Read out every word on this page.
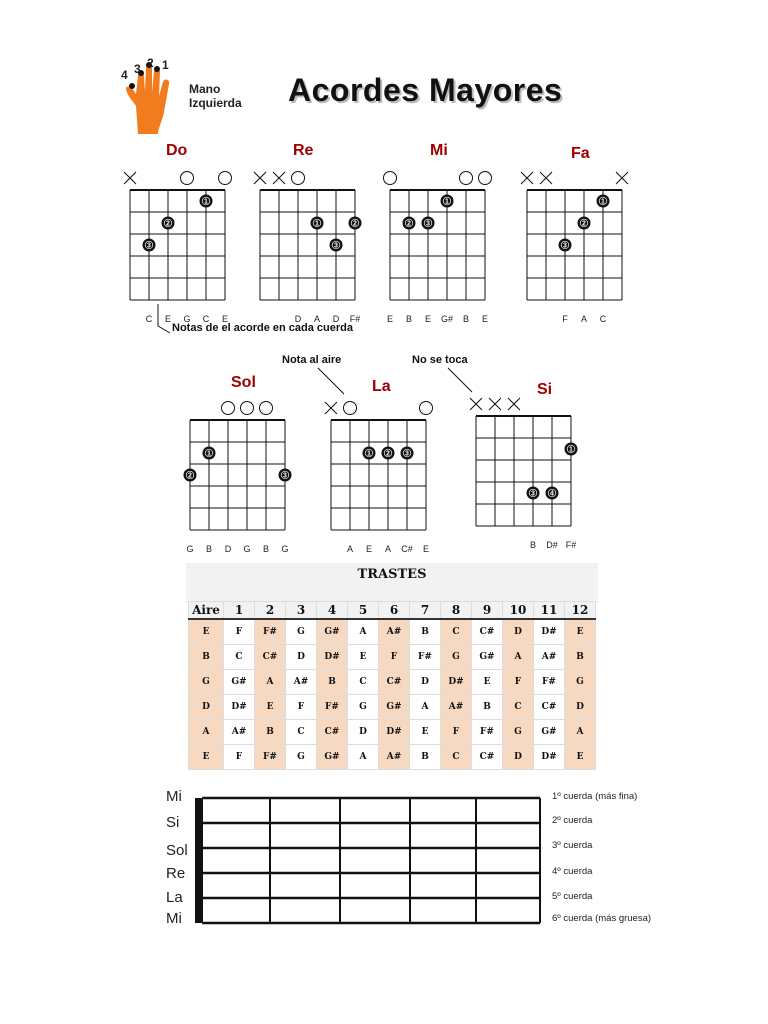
4 3 2 1
Mano
Izquierda Acordes Mayores
Do
1
2
3
C	E	G	C	E
Re
1	2
3
D	A	D	F#
Mi
1
2 3
E	B	E	G#	B	E
Fa
1
2
3
F	A	C
Sol
1
2	3
G	B	D	G	B	G
La
1 2 3
A	E	A	C#	E
Si
1
3 4
B	D# F#
Notas de el acorde en cada cuerda
Nota al aire	No se toca
TRASTES
Aire	1	2	3	4	5	6	7	8	9	10	11	12
E	F	F#	G	G#	A	A#	B	C	C#	D	D#	E
B	C	C#	D	D#	E	F	F#	G	G#	A	A#	B
G	G#	A	A#	B	C	C#	D	D#	E	F	F#	G
D	D#	E	F	F#	G	G#	A	A#	B	C	C#	D
A	A#	B	C	C#	D	D#	E	F	F#	G	G#	A
E	F	F#	G	G#	A	A#	B	C	C#	D	D#	E
Mi
Si
Sol
Re
La
Mi
1º cuerda (más fina)
2º cuerda
3º cuerda
4º cuerda
5º cuerda
6º cuerda (más gruesa)
